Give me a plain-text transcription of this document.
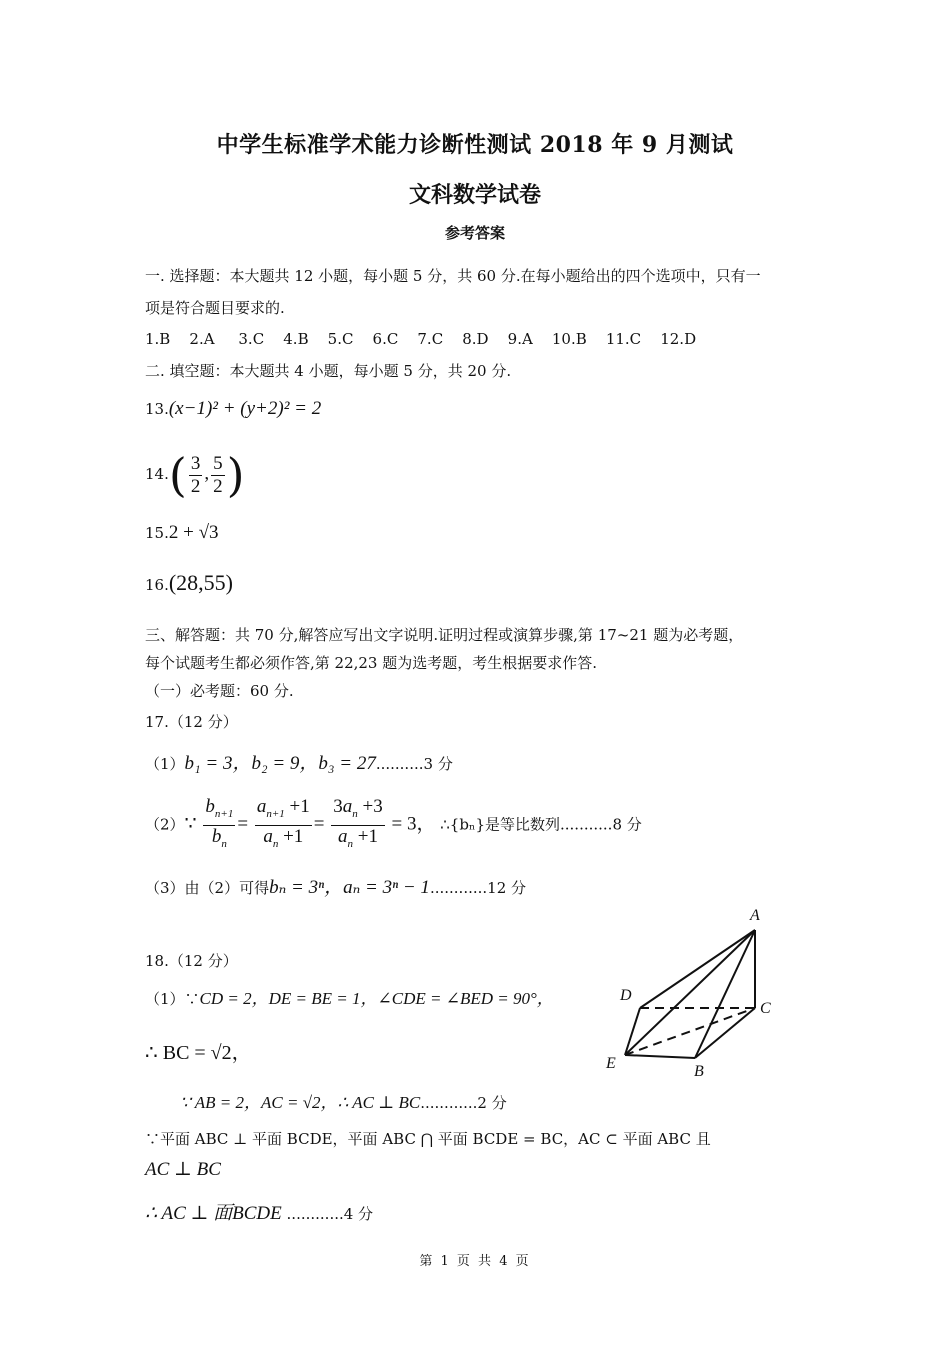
中学生标准学术能力诊断性测试 2018 年 9 月测试
文科数学试卷
参考答案
一. 选择题：本大题共 12 小题，每小题 5 分，共 60 分.在每小题给出的四个选项中，只有一
项是符合题目要求的.
1.B    2.A     3.C    4.B    5.C    6.C    7.C    8.D    9.A    10.B    11.C    12.D
二. 填空题：本大题共 4 小题，每小题 5 分，共 20 分.
13.(x−1)² + (y+2)² = 2
$14.( \frac{3}{2}$ , $\frac{5}{2}$ )
15.2 + √3
16.(28,55)
三、解答题：共 70 分,解答应写出文字说明.证明过程或演算步骤,第 17~21 题为必考题，
每个试题考生都必须作答,第 22,23 题为选考题，考生根据要求作答.
（一）必考题：60 分.
17.（12 分）
（1）b₁ = 3，b₂ = 9，b₃ = 27..........3 分
（2）∵ $\frac{b_{n+1}}{b_n} = \frac{a_{n+1} +1}{a_n +1} = \frac{3a_n +3}{a_n +1} = 3$， ∴{bₙ}是等比数列...........8 分
（3）由（2）可得bₙ = 3ⁿ，aₙ = 3ⁿ − 1............12 分
18.（12 分）
（1）∵CD = 2，DE = BE = 1，∠CDE = ∠BED = 90°，
∴ BC = √2，
∵ AB = 2，AC = √2，∴ AC ⊥ BC............2 分
∵平面 ABC ⊥ 平面 BCDE，平面 ABC ⋂ 平面 BCDE = BC，AC ⊂ 平面 ABC 且
AC ⊥ BC
∴ AC ⊥ 面BCDE ............4 分
A
D
C
E	B
第 1 页 共 4 页
